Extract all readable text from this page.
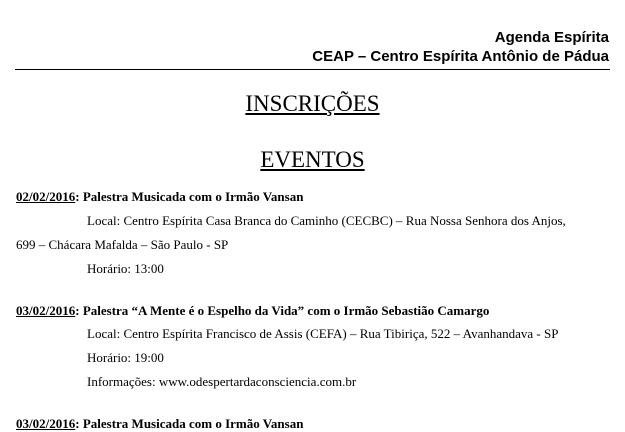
Agenda Espírita
CEAP – Centro Espírita Antônio de Pádua
INSCRIÇÕES
EVENTOS
02/02/2016: Palestra Musicada com o Irmão Vansan
Local: Centro Espírita Casa Branca do Caminho (CECBC) – Rua Nossa Senhora dos Anjos,
699 – Chácara Mafalda – São Paulo - SP
Horário: 13:00
03/02/2016: Palestra “A Mente é o Espelho da Vida” com o Irmão Sebastião Camargo
Local: Centro Espírita Francisco de Assis (CEFA) – Rua Tibiriça, 522 – Avanhandava - SP
Horário: 19:00
Informações: www.odespertardaconsciencia.com.br
03/02/2016: Palestra Musicada com o Irmão Vansan
